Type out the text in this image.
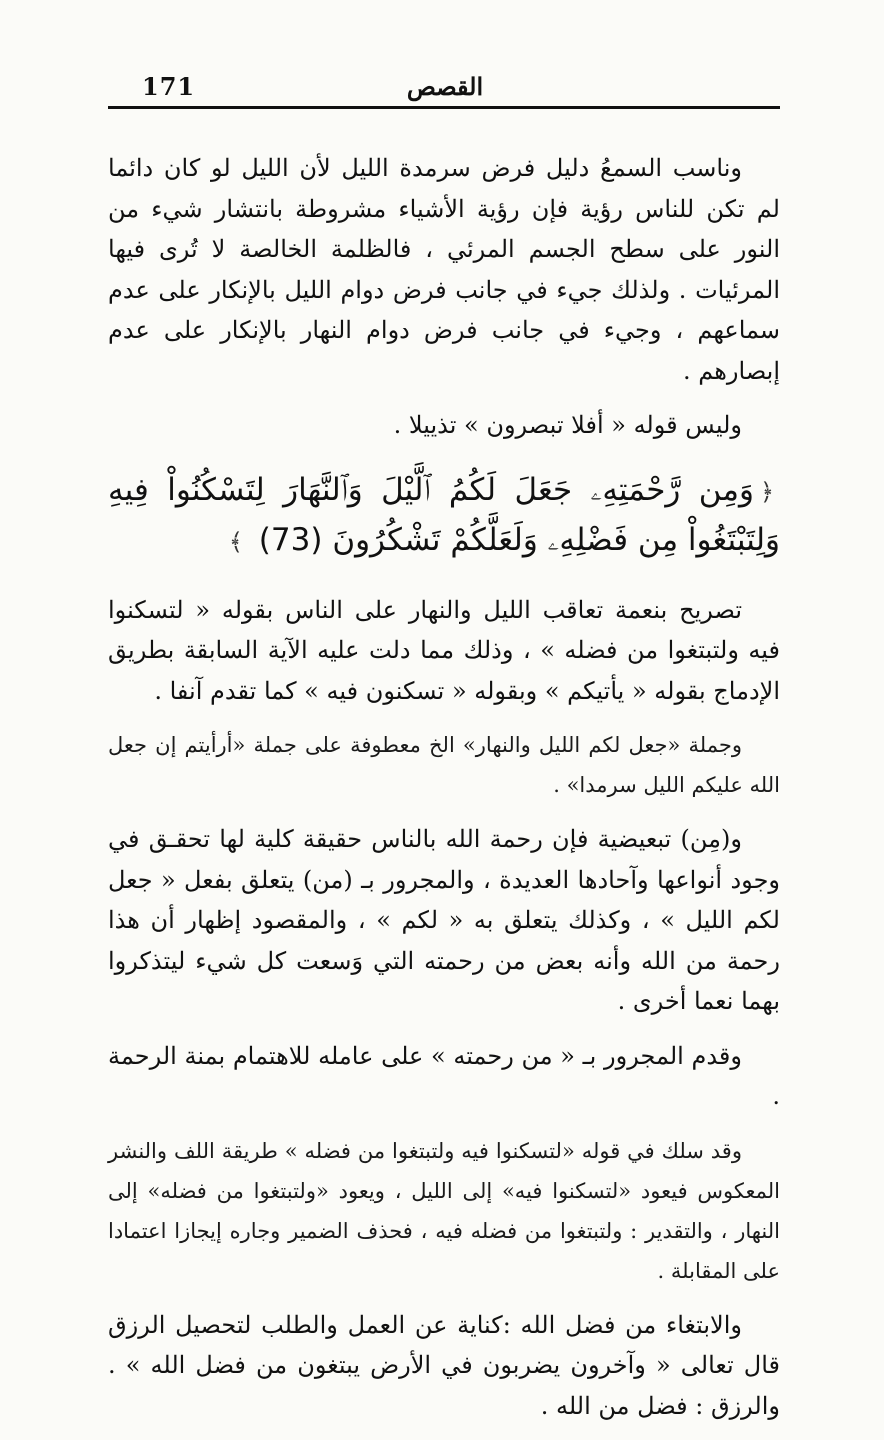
171	القصص

وناسب السمعُ دليل فرض سرمدة الليل لأن الليل لو كان دائما لم تكن للناس رؤية فإن رؤية الأشياء مشروطة بانتشار شيء من النور على سطح الجسم المرئي ، فالظلمة الخالصة لا تُرى فيها المرئيات . ولذلك جيء في جانب فرض دوام الليل بالإنكار على عدم سماعهم ، وجيء في جانب فرض دوام النهار بالإنكار على عدم إبصارهم .

وليس قوله « أفلا تبصرون » تذييلا .

﴿وَمِن رَّحْمَتِهِۦ جَعَلَ لَكُمُ ٱلَّيْلَ وَٱلنَّهَارَ لِتَسْكُنُواْ فِيهِ وَلِتَبْتَغُواْ مِن فَضْلِهِۦ وَلَعَلَّكُمْ تَشْكُرُونَ (73) ﴾

تصريح بنعمة تعاقب الليل والنهار على الناس بقوله « لتسكنوا فيه ولتبتغوا من فضله » ، وذلك مما دلت عليه الآية السابقة بطريق الإدماج بقوله « يأتيكم » وبقوله « تسكنون فيه » كما تقدم آنفا .

وجملة «جعل لكم الليل والنهار» الخ معطوفة على جملة «أرأيتم إن جعل الله عليكم الليل سرمدا» .

و(مِن) تبعيضية فإن رحمة الله بالناس حقيقة كلية لها تحقـق في وجود أنواعها وآحادها العديدة ، والمجرور بـ (من) يتعلق بفعل « جعل لكم الليل » ، وكذلك يتعلق به « لكم » ، والمقصود إظهار أن هذا رحمة من الله وأنه بعض من رحمته التي وَسعت كل شيء ليتذكروا بهما نعما أخرى .

وقدم المجرور بـ « من رحمته » على عامله للاهتمام بمنة الرحمة .

وقد سلك في قوله «لتسكنوا فيه ولتبتغوا من فضله » طريقة اللف والنشر المعكوس فيعود «لتسكنوا فيه» إلى الليل ، ويعود «ولتبتغوا من فضله» إلى النهار ، والتقدير : ولتبتغوا من فضله فيه ، فحذف الضمير وجاره إيجازا اعتمادا على المقابلة .

والابتغاء من فضل الله :كناية عن العمل والطلب لتحصيل الرزق قال تعالى « وآخرون يضربون في الأرض يبتغون من فضل الله » . والرزق : فضل من الله .
